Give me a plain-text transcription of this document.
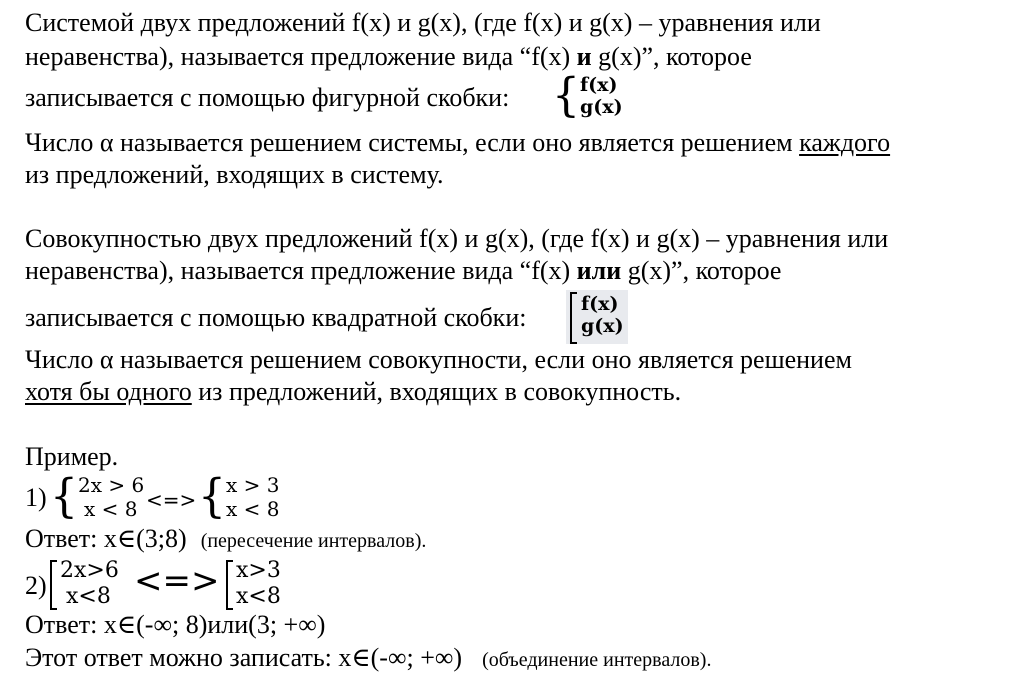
Системой двух предложений f(x) и g(x), (где f(x) и g(x) – уравнения или
неравенства), называется предложение вида “f(x) и g(x)”, которое
записывается с помощью фигурной скобки: { f(x)
g(x)
Число α называется решением системы, если оно является решением каждого
из предложений, входящих в систему.
Совокупностью двух предложений f(x) и g(x), (где f(x) и g(x) – уравнения или
неравенства), называется предложение вида “f(x) или g(x)”, которое
записывается с помощью квадратной скобки:	f(x)
g(x)
Число α называется решением совокупности, если оно является решением
хотя бы одного из предложений, входящих в совокупность.
Пример.
1) { 2x > 6
x < 8 <=> { x > 3
x < 8
Ответ: x∈(3;8) (пересечение интервалов).
2)
2x>6
x<8 <=> x>3
x<8
Ответ: x∈(-∞; 8)или(3; +∞)
Этот ответ можно записать: x∈(-∞; +∞) (объединение интервалов).
